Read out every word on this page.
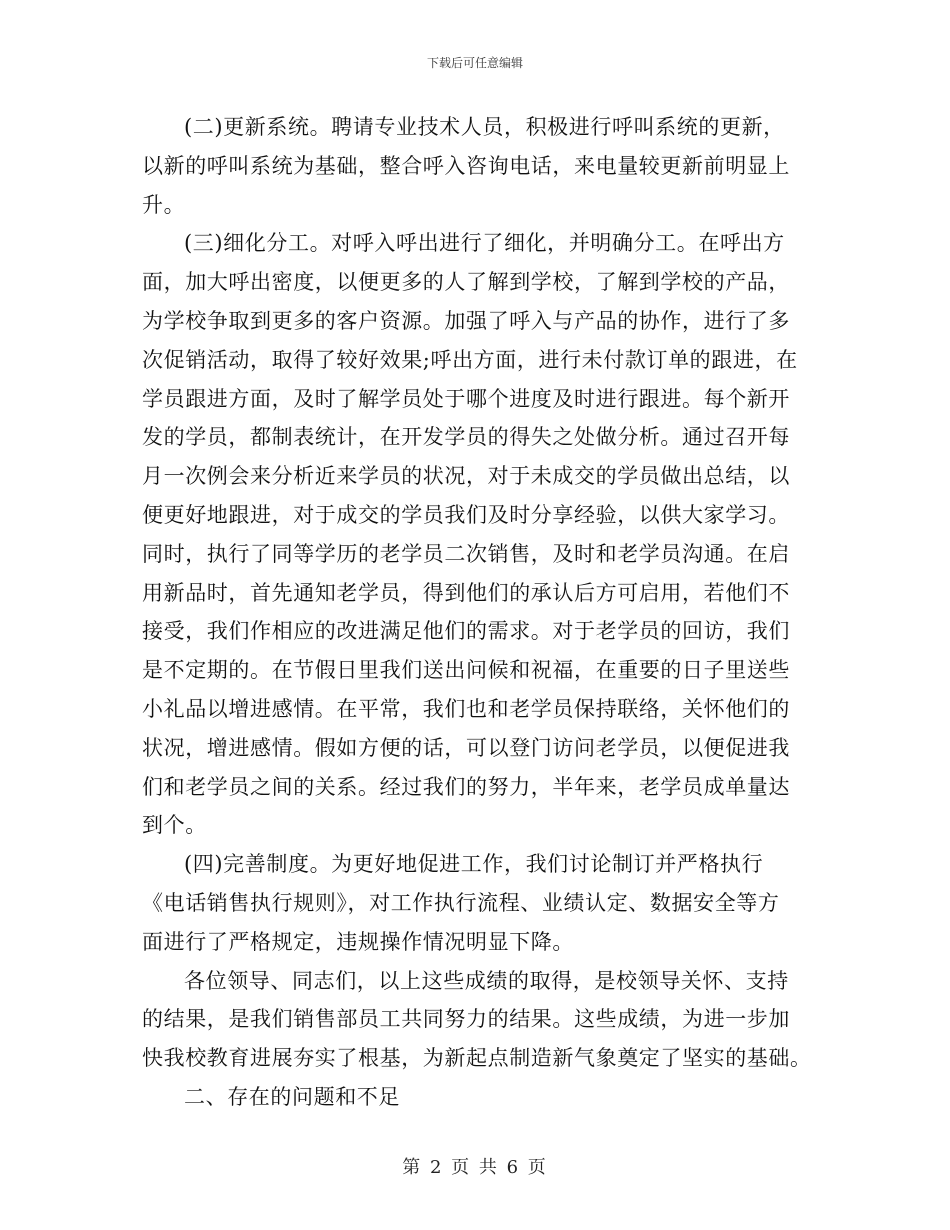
下载后可任意编辑

(二)更新系统。聘请专业技术人员，积极进行呼叫系统的更新，
以新的呼叫系统为基础，整合呼入咨询电话，来电量较更新前明显上
升。

(三)细化分工。对呼入呼出进行了细化，并明确分工。在呼出方
面，加大呼出密度，以便更多的人了解到学校，了解到学校的产品，
为学校争取到更多的客户资源。加强了呼入与产品的协作，进行了多
次促销活动，取得了较好效果;呼出方面，进行未付款订单的跟进，在
学员跟进方面，及时了解学员处于哪个进度及时进行跟进。每个新开
发的学员，都制表统计，在开发学员的得失之处做分析。通过召开每
月一次例会来分析近来学员的状况，对于未成交的学员做出总结，以
便更好地跟进，对于成交的学员我们及时分享经验，以供大家学习。
同时，执行了同等学历的老学员二次销售，及时和老学员沟通。在启
用新品时，首先通知老学员，得到他们的承认后方可启用，若他们不
接受，我们作相应的改进满足他们的需求。对于老学员的回访，我们
是不定期的。在节假日里我们送出问候和祝福，在重要的日子里送些
小礼品以增进感情。在平常，我们也和老学员保持联络，关怀他们的
状况，增进感情。假如方便的话，可以登门访问老学员，以便促进我
们和老学员之间的关系。经过我们的努力，半年来，老学员成单量达
到个。

(四)完善制度。为更好地促进工作，我们讨论制订并严格执行
《电话销售执行规则》，对工作执行流程、业绩认定、数据安全等方
面进行了严格规定，违规操作情况明显下降。

各位领导、同志们，以上这些成绩的取得，是校领导关怀、支持
的结果，是我们销售部员工共同努力的结果。这些成绩，为进一步加
快我校教育进展夯实了根基，为新起点制造新气象奠定了坚实的基础。

二、存在的问题和不足

第 2 页 共 6 页
